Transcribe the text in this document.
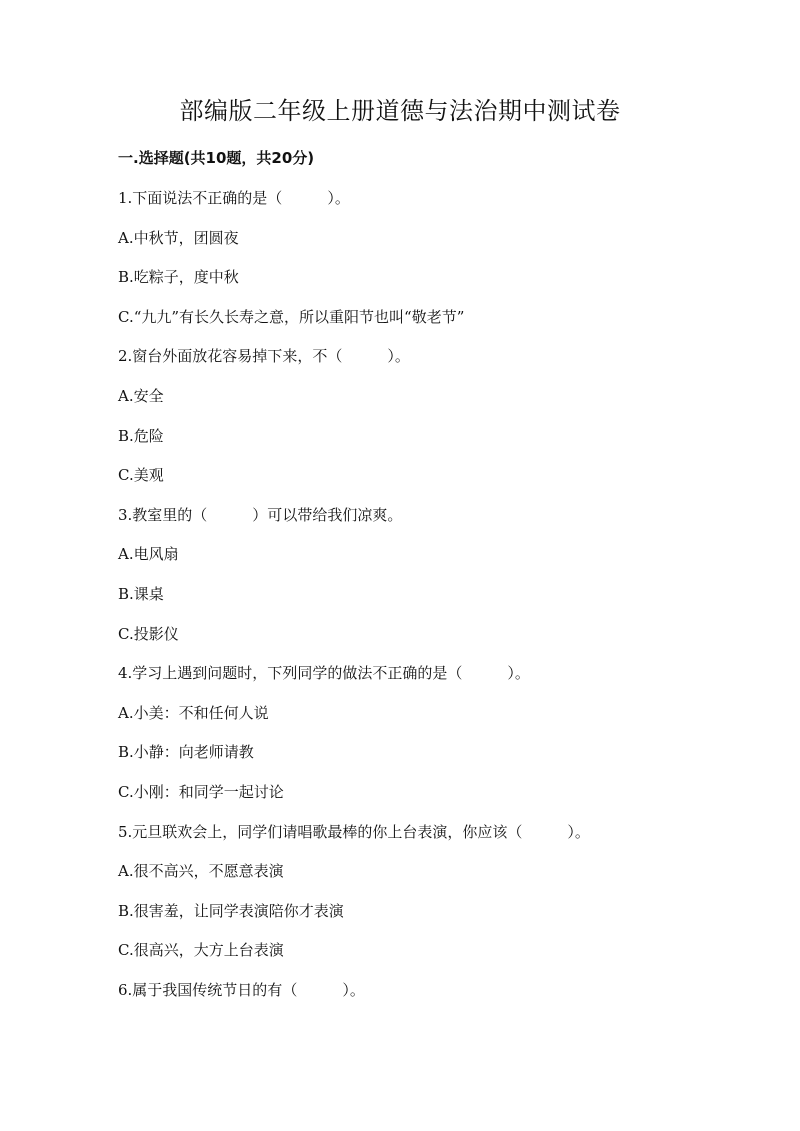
部编版二年级上册道德与法治期中测试卷

一.选择题(共10题，共20分)

1.下面说法不正确的是（　　　）。

A.中秋节，团圆夜

B.吃粽子，度中秋

C.“九九”有长久长寿之意，所以重阳节也叫“敬老节”

2.窗台外面放花容易掉下来，不（　　　）。

A.安全

B.危险

C.美观

3.教室里的（　　　）可以带给我们凉爽。

A.电风扇

B.课桌

C.投影仪

4.学习上遇到问题时，下列同学的做法不正确的是（　　　）。

A.小美：不和任何人说

B.小静：向老师请教

C.小刚：和同学一起讨论

5.元旦联欢会上，同学们请唱歌最棒的你上台表演，你应该（　　　）。

A.很不高兴，不愿意表演

B.很害羞，让同学表演陪你才表演

C.很高兴，大方上台表演

6.属于我国传统节日的有（　　　）。
